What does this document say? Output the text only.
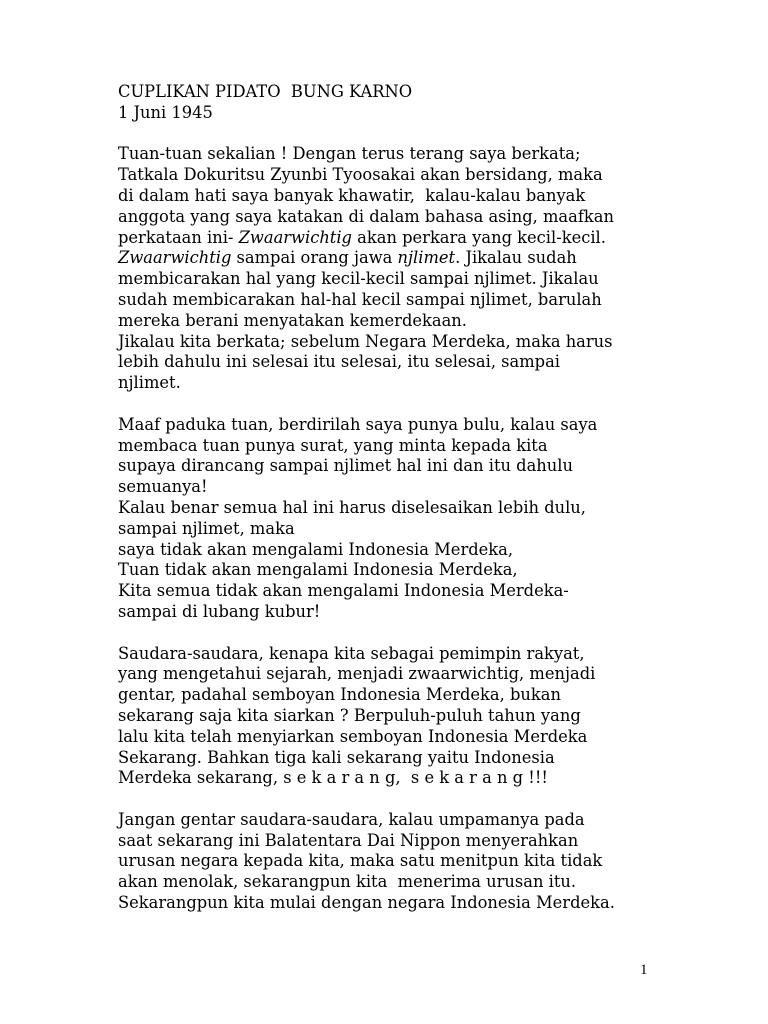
CUPLIKAN PIDATO  BUNG KARNO
1 Juni 1945
Tuan-tuan sekalian ! Dengan terus terang saya berkata;
Tatkala Dokuritsu Zyunbi Tyoosakai akan bersidang, maka
di dalam hati saya banyak khawatir,  kalau-kalau banyak
anggota yang saya katakan di dalam bahasa asing, maafkan
perkataan ini- Zwaarwichtig akan perkara yang kecil-kecil.
Zwaarwichtig sampai orang jawa njlimet. Jikalau sudah
membicarakan hal yang kecil-kecil sampai njlimet. Jikalau
sudah membicarakan hal-hal kecil sampai njlimet, barulah
mereka berani menyatakan kemerdekaan.
Jikalau kita berkata; sebelum Negara Merdeka, maka harus
lebih dahulu ini selesai itu selesai, itu selesai, sampai
njlimet.
Maaf paduka tuan, berdirilah saya punya bulu, kalau saya
membaca tuan punya surat, yang minta kepada kita
supaya dirancang sampai njlimet hal ini dan itu dahulu
semuanya!
Kalau benar semua hal ini harus diselesaikan lebih dulu,
sampai njlimet, maka
saya tidak akan mengalami Indonesia Merdeka,
Tuan tidak akan mengalami Indonesia Merdeka,
Kita semua tidak akan mengalami Indonesia Merdeka-
sampai di lubang kubur!
Saudara-saudara, kenapa kita sebagai pemimpin rakyat,
yang mengetahui sejarah, menjadi zwaarwichtig, menjadi
gentar, padahal semboyan Indonesia Merdeka, bukan
sekarang saja kita siarkan ? Berpuluh-puluh tahun yang
lalu kita telah menyiarkan semboyan Indonesia Merdeka
Sekarang. Bahkan tiga kali sekarang yaitu Indonesia
Merdeka sekarang, s e k a r a n g,  s e k a r a n g !!!
Jangan gentar saudara-saudara, kalau umpamanya pada
saat sekarang ini Balatentara Dai Nippon menyerahkan
urusan negara kepada kita, maka satu menitpun kita tidak
akan menolak, sekarangpun kita  menerima urusan itu.
Sekarangpun kita mulai dengan negara Indonesia Merdeka.
1
